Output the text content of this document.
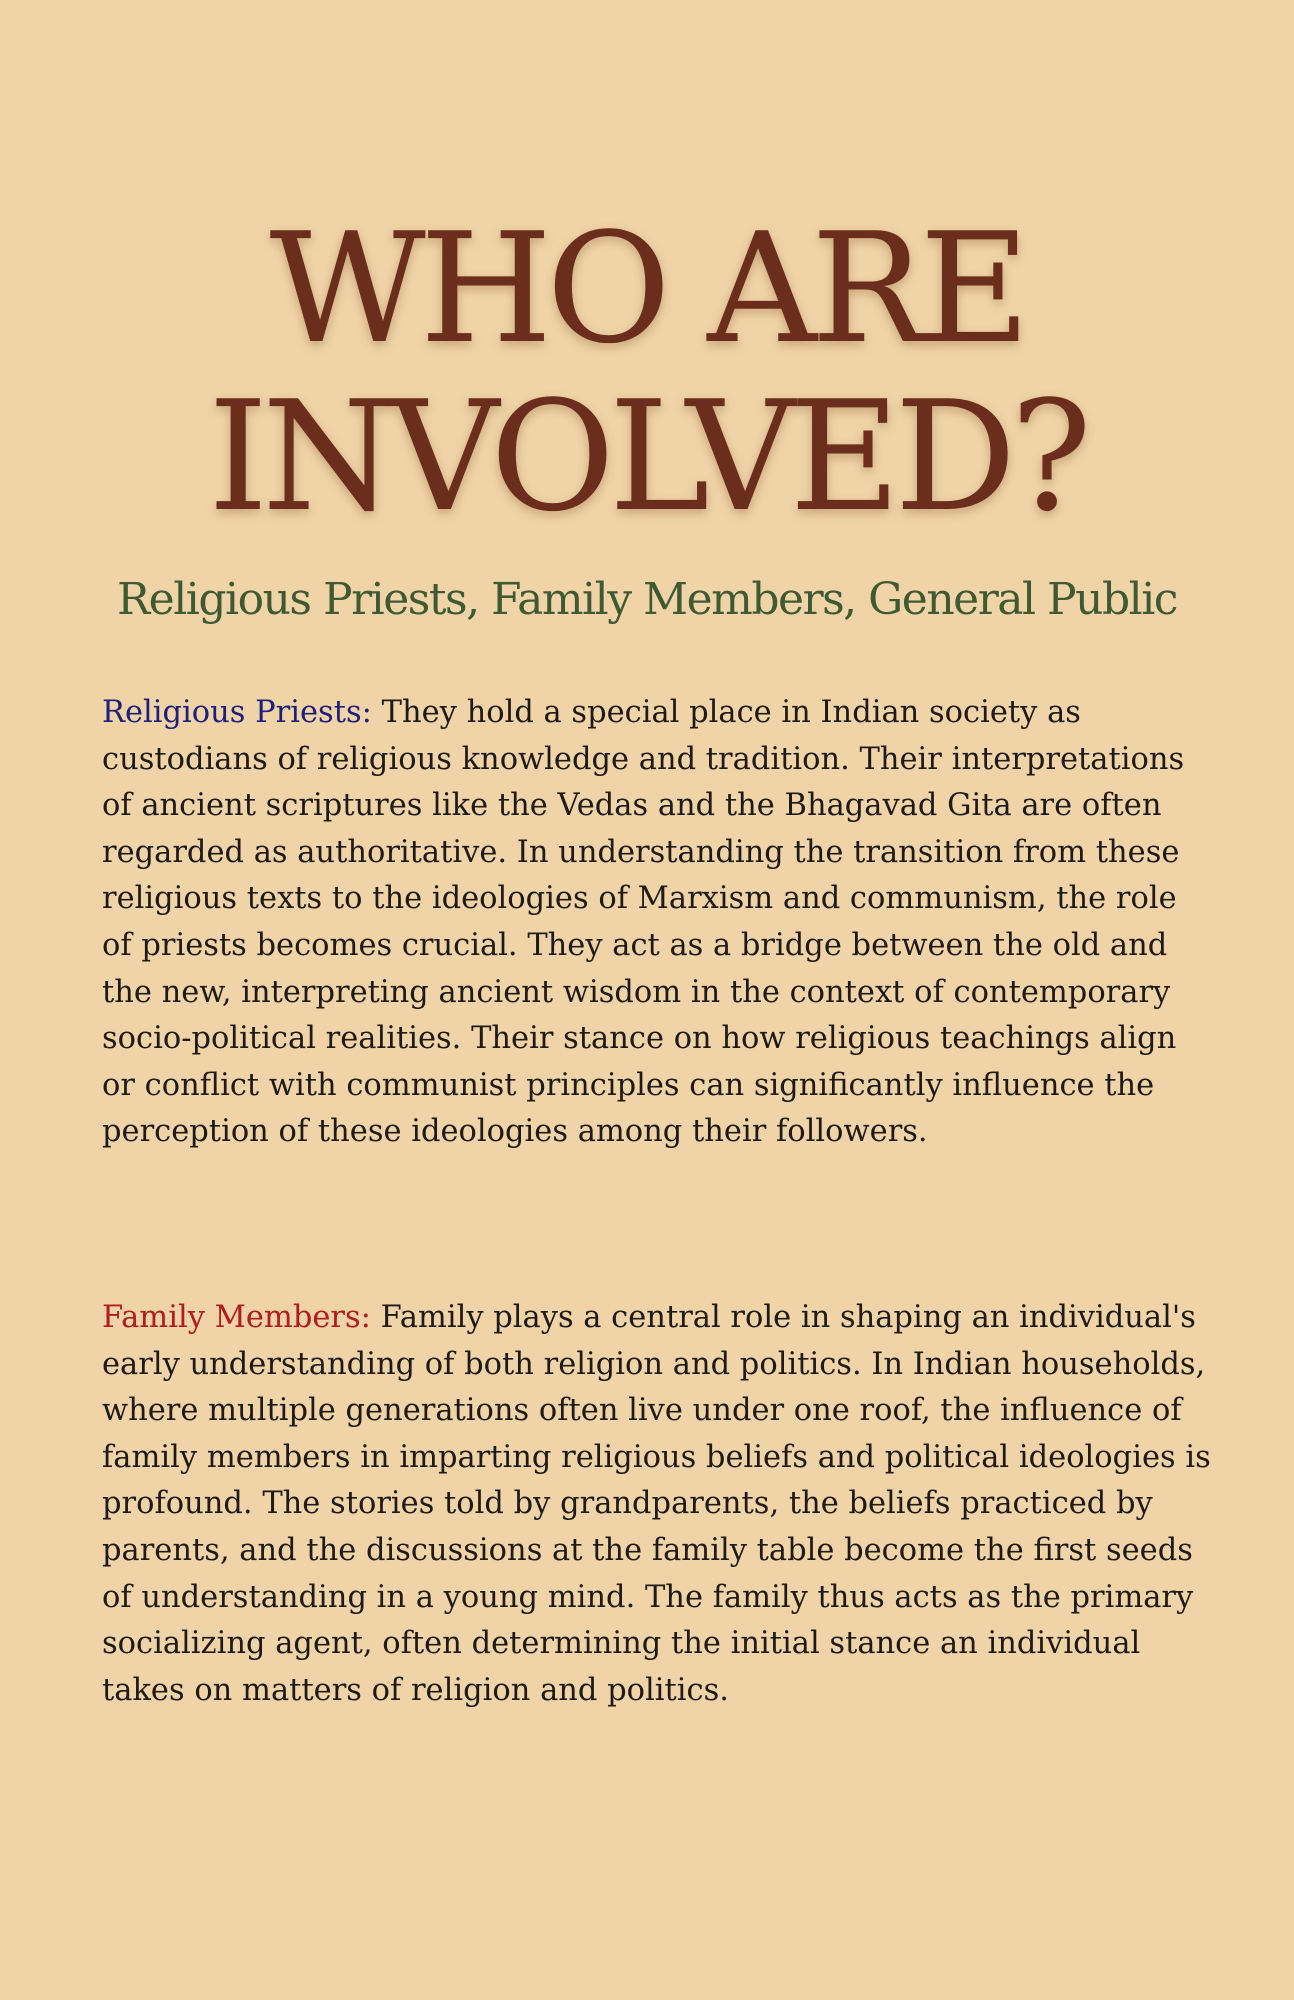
WHO ARE
INVOLVED?

Religious Priests, Family Members, General Public

Religious Priests: They hold a special place in Indian society as custodians of religious knowledge and tradition. Their interpretations of ancient scriptures like the Vedas and the Bhagavad Gita are often regarded as authoritative. In understanding the transition from these religious texts to the ideologies of Marxism and communism, the role of priests becomes crucial. They act as a bridge between the old and the new, interpreting ancient wisdom in the context of contemporary socio-political realities. Their stance on how religious teachings align or conflict with communist principles can significantly influence the perception of these ideologies among their followers.

Family Members: Family plays a central role in shaping an individual's early understanding of both religion and politics. In Indian households, where multiple generations often live under one roof, the influence of family members in imparting religious beliefs and political ideologies is profound. The stories told by grandparents, the beliefs practiced by parents, and the discussions at the family table become the first seeds of understanding in a young mind. The family thus acts as the primary socializing agent, often determining the initial stance an individual takes on matters of religion and politics.
